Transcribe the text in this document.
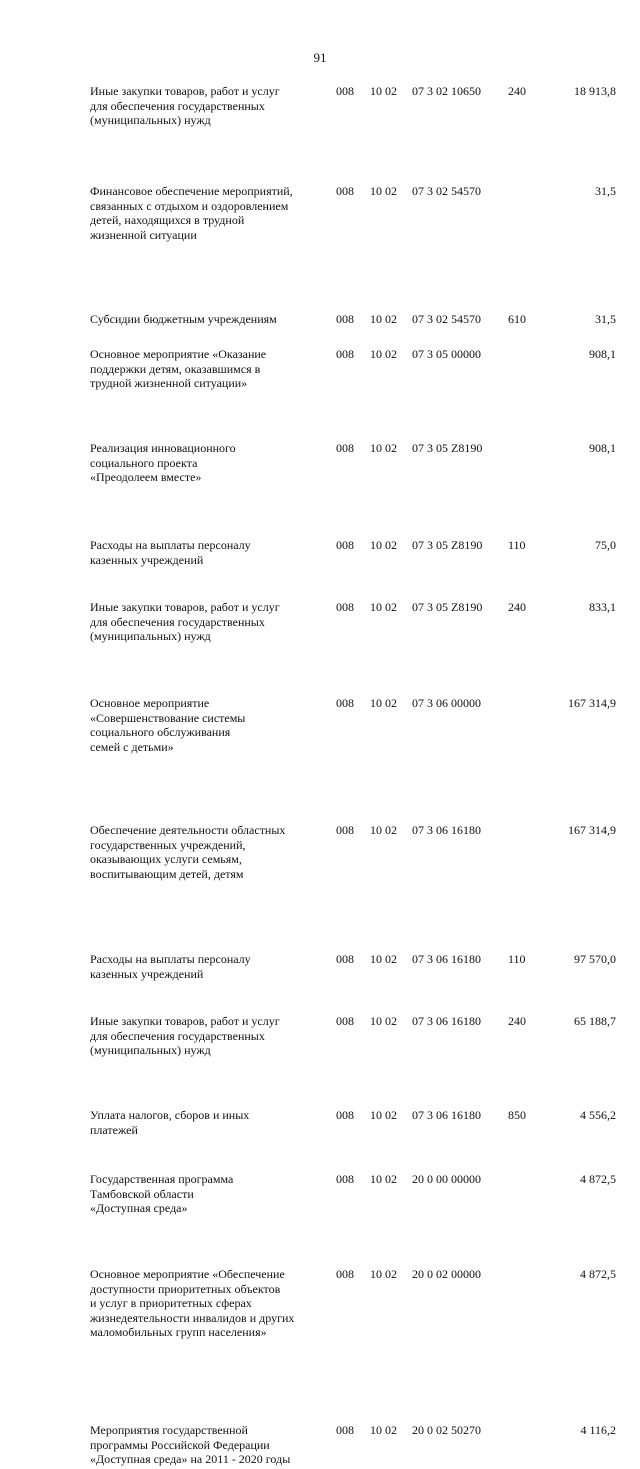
91
Иные закупки товаров, работ и услуг
для обеспечения государственных
(муниципальных) нужд
008 10 02 07 3 02 10650 240	18 913,8
Финансовое обеспечение мероприятий,
связанных с отдыхом и оздоровлением
детей, находящихся в трудной
жизненной ситуации
008 10 02 07 3 02 54570	31,5
Субсидии бюджетным учреждениям	008 10 02 07 3 02 54570 610	31,5
Основное мероприятие «Оказание
поддержки детям, оказавшимся в
трудной жизненной ситуации»
008 10 02 07 3 05 00000	908,1
Реализация инновационного
социального проекта
«Преодолеем вместе»
008 10 02 07 3 05 Z8190	908,1
Расходы на выплаты персоналу
казенных учреждений
008 10 02 07 3 05 Z8190 110	75,0
Иные закупки товаров, работ и услуг
для обеспечения государственных
(муниципальных) нужд
008 10 02 07 3 05 Z8190 240	833,1
Основное мероприятие
«Совершенствование системы
социального обслуживания
семей с детьми»
008 10 02 07 3 06 00000	167 314,9
Обеспечение деятельности областных
государственных учреждений,
оказывающих услуги семьям,
воспитывающим детей, детям
008 10 02 07 3 06 16180	167 314,9
Расходы на выплаты персоналу
казенных учреждений
008 10 02 07 3 06 16180 110	97 570,0
Иные закупки товаров, работ и услуг
для обеспечения государственных
(муниципальных) нужд
008 10 02 07 3 06 16180 240	65 188,7
Уплата налогов, сборов и иных
платежей
008 10 02 07 3 06 16180 850	4 556,2
Государственная программа
Тамбовской области
«Доступная среда»
008 10 02 20 0 00 00000	4 872,5
Основное мероприятие «Обеспечение
доступности приоритетных объектов
и услуг в приоритетных сферах
жизнедеятельности инвалидов и других
маломобильных групп населения»
008 10 02 20 0 02 00000	4 872,5
Мероприятия государственной
программы Российской Федерации
«Доступная среда» на 2011 - 2020 годы
008 10 02 20 0 02 50270	4 116,2
